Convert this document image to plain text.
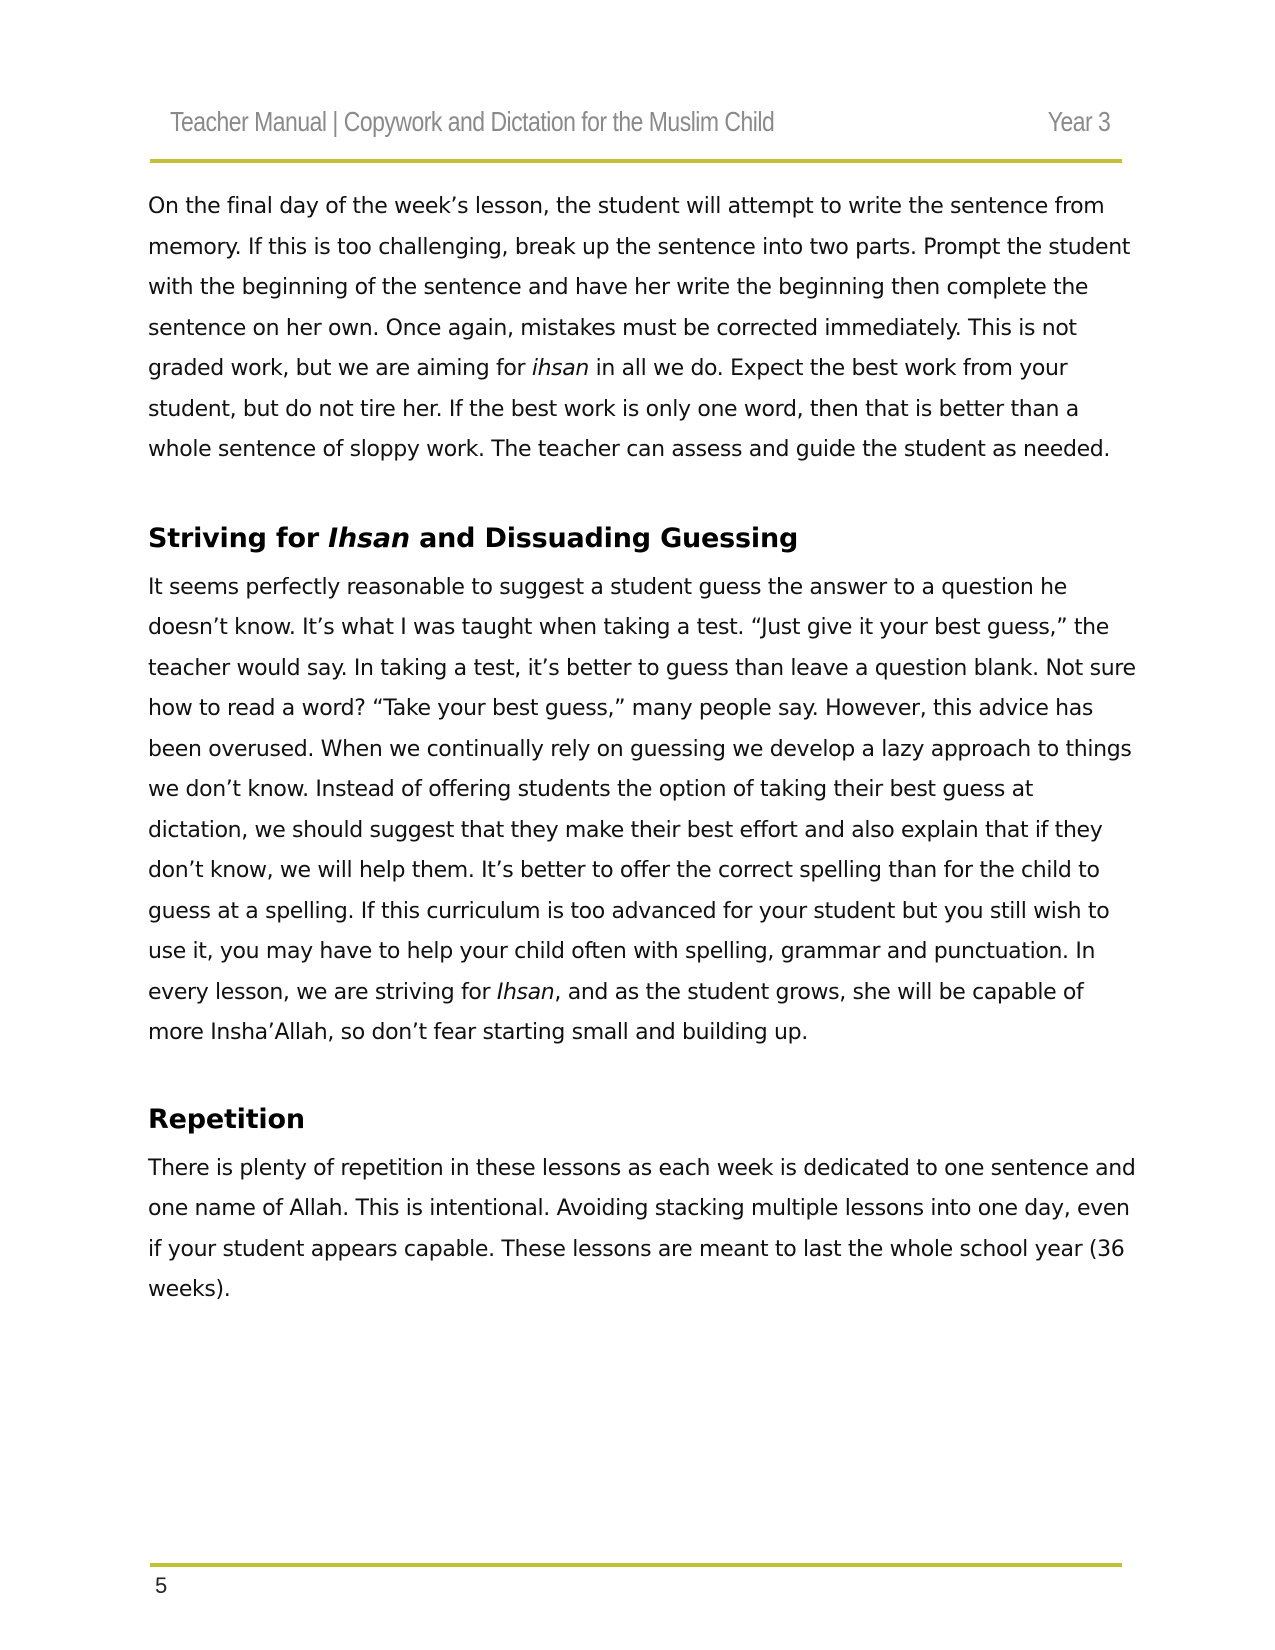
Teacher Manual | Copywork and Dictation for the Muslim Child	Year 3

On the final day of the week’s lesson, the student will attempt to write the sentence from memory. If this is too challenging, break up the sentence into two parts. Prompt the student with the beginning of the sentence and have her write the beginning then complete the sentence on her own. Once again, mistakes must be corrected immediately. This is not graded work, but we are aiming for ihsan in all we do. Expect the best work from your student, but do not tire her. If the best work is only one word, then that is better than a whole sentence of sloppy work. The teacher can assess and guide the student as needed.

Striving for Ihsan and Dissuading Guessing

It seems perfectly reasonable to suggest a student guess the answer to a question he doesn’t know. It’s what I was taught when taking a test. “Just give it your best guess,” the teacher would say. In taking a test, it’s better to guess than leave a question blank. Not sure how to read a word? “Take your best guess,” many people say. However, this advice has been overused. When we continually rely on guessing we develop a lazy approach to things we don’t know. Instead of offering students the option of taking their best guess at dictation, we should suggest that they make their best effort and also explain that if they don’t know, we will help them. It’s better to offer the correct spelling than for the child to guess at a spelling. If this curriculum is too advanced for your student but you still wish to use it, you may have to help your child often with spelling, grammar and punctuation. In every lesson, we are striving for Ihsan, and as the student grows, she will be capable of more Insha’Allah, so don’t fear starting small and building up.

Repetition

There is plenty of repetition in these lessons as each week is dedicated to one sentence and one name of Allah. This is intentional. Avoiding stacking multiple lessons into one day, even if your student appears capable. These lessons are meant to last the whole school year (36 weeks).

5
